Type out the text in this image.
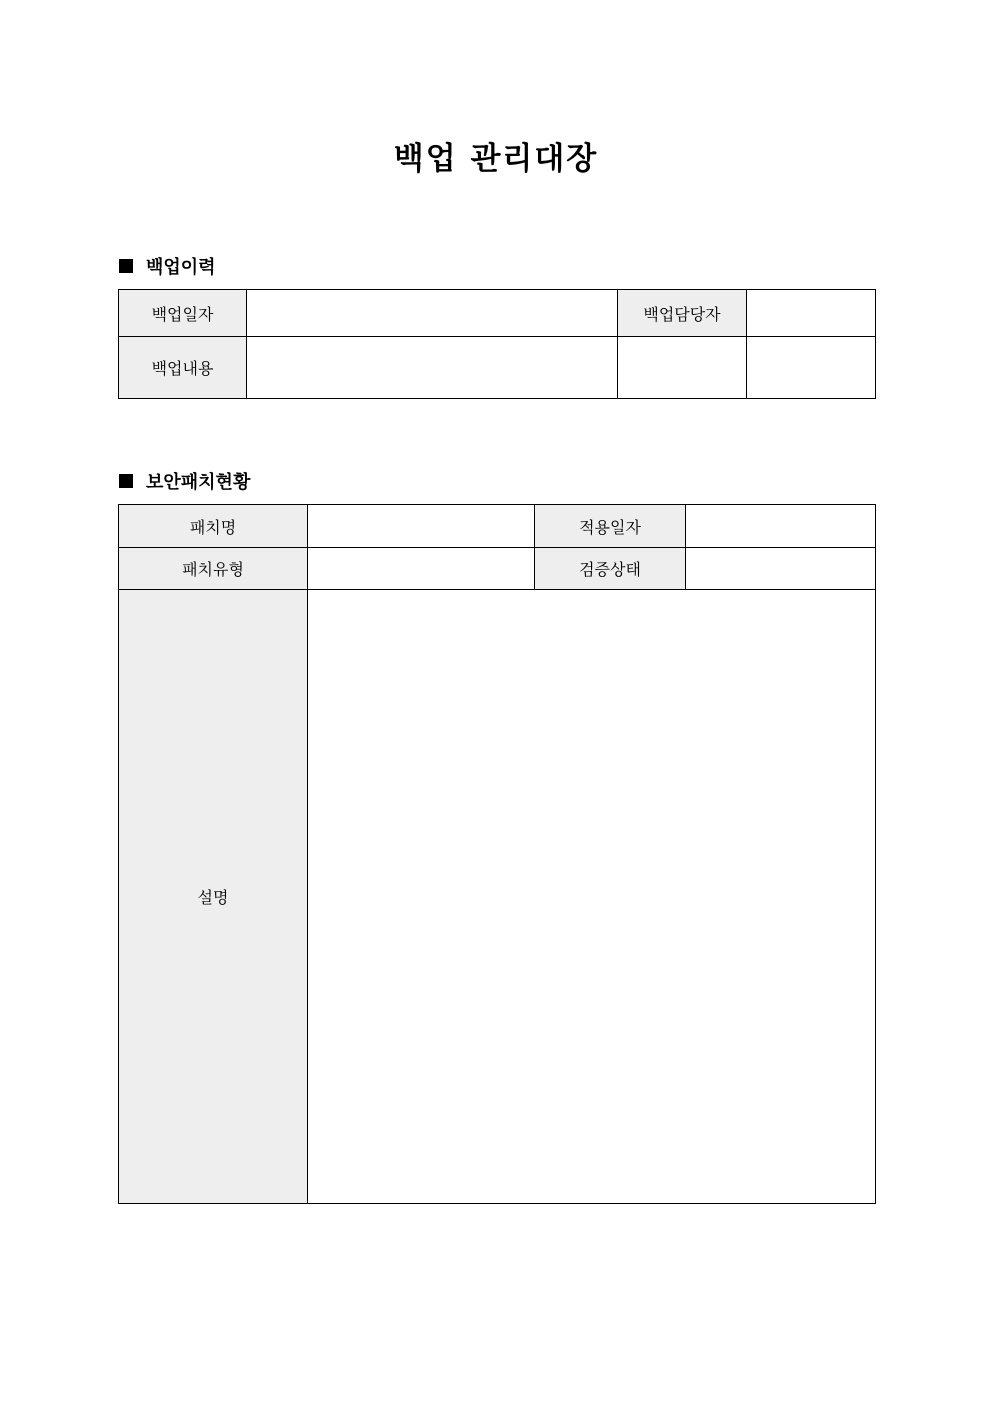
백업 관리대장
백업이력
백업일자		백업담당자	
백업내용			
보안패치현황
패치명		적용일자	
패치유형		검증상태	
설명			
